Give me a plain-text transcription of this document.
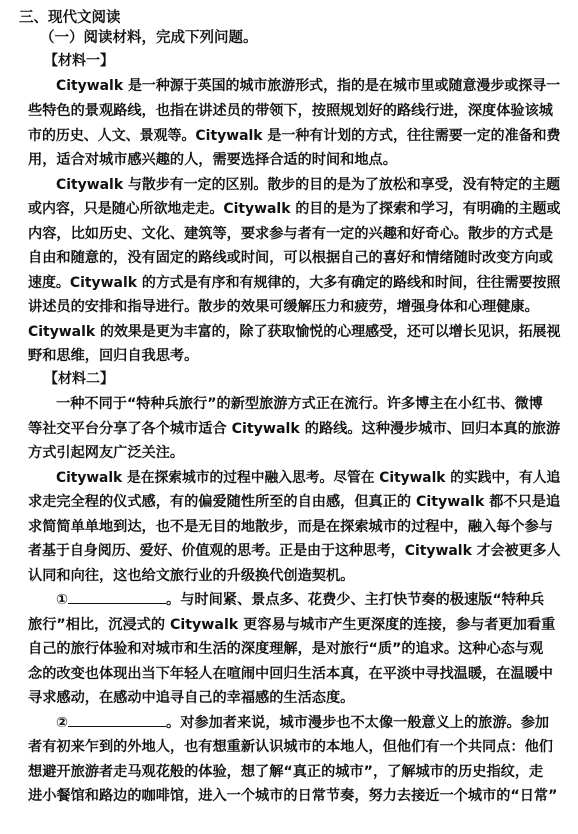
三、现代文阅读
（一）阅读材料，完成下列问题。
【材料一】
Citywalk 是一种源于英国的城市旅游形式，指的是在城市里或随意漫步或探寻一
些特色的景观路线，也指在讲述员的带领下，按照规划好的路线行进，深度体验该城
市的历史、人文、景观等。Citywalk 是一种有计划的方式，往往需要一定的准备和费
用，适合对城市感兴趣的人，需要选择合适的时间和地点。
Citywalk 与散步有一定的区别。散步的目的是为了放松和享受，没有特定的主题
或内容，只是随心所欲地走走。Citywalk 的目的是为了探索和学习，有明确的主题或
内容，比如历史、文化、建筑等，要求参与者有一定的兴趣和好奇心。散步的方式是
自由和随意的，没有固定的路线或时间，可以根据自己的喜好和情绪随时改变方向或
速度。Citywalk 的方式是有序和有规律的，大多有确定的路线和时间，往往需要按照
讲述员的安排和指导进行。散步的效果可缓解压力和疲劳，增强身体和心理健康。
Citywalk 的效果是更为丰富的，除了获取愉悦的心理感受，还可以增长见识，拓展视
野和思维，回归自我思考。
【材料二】
一种不同于“特种兵旅行”的新型旅游方式正在流行。许多博主在小红书、微博
等社交平台分享了各个城市适合 Citywalk 的路线。这种漫步城市、回归本真的旅游
方式引起网友广泛关注。
Citywalk 是在探索城市的过程中融入思考。尽管在 Citywalk 的实践中，有人追
求走完全程的仪式感，有的偏爱随性所至的自由感，但真正的 Citywalk 都不只是追
求简简单单地到达，也不是无目的地散步，而是在探索城市的过程中，融入每个参与
者基于自身阅历、爱好、价值观的思考。正是由于这种思考，Citywalk 才会被更多人
认同和向往，这也给文旅行业的升级换代创造契机。
①	。与时间紧、景点多、花费少、主打快节奏的极速版“特种兵
旅行”相比，沉浸式的 Citywalk 更容易与城市产生更深度的连接，参与者更加看重
自己的旅行体验和对城市和生活的深度理解，是对旅行“质”的追求。这种心态与观
念的改变也体现出当下年轻人在喧闹中回归生活本真，在平淡中寻找温暖，在温暖中
寻求感动，在感动中追寻自己的幸福感的生活态度。
②	。对参加者来说，城市漫步也不太像一般意义上的旅游。参加
者有初来乍到的外地人，也有想重新认识城市的本地人，但他们有一个共同点：他们
想避开旅游者走马观花般的体验，想了解“真正的城市”，了解城市的历史指纹，走
进小餐馆和路边的咖啡馆，进入一个城市的日常节奏，努力去接近一个城市的“日常”
